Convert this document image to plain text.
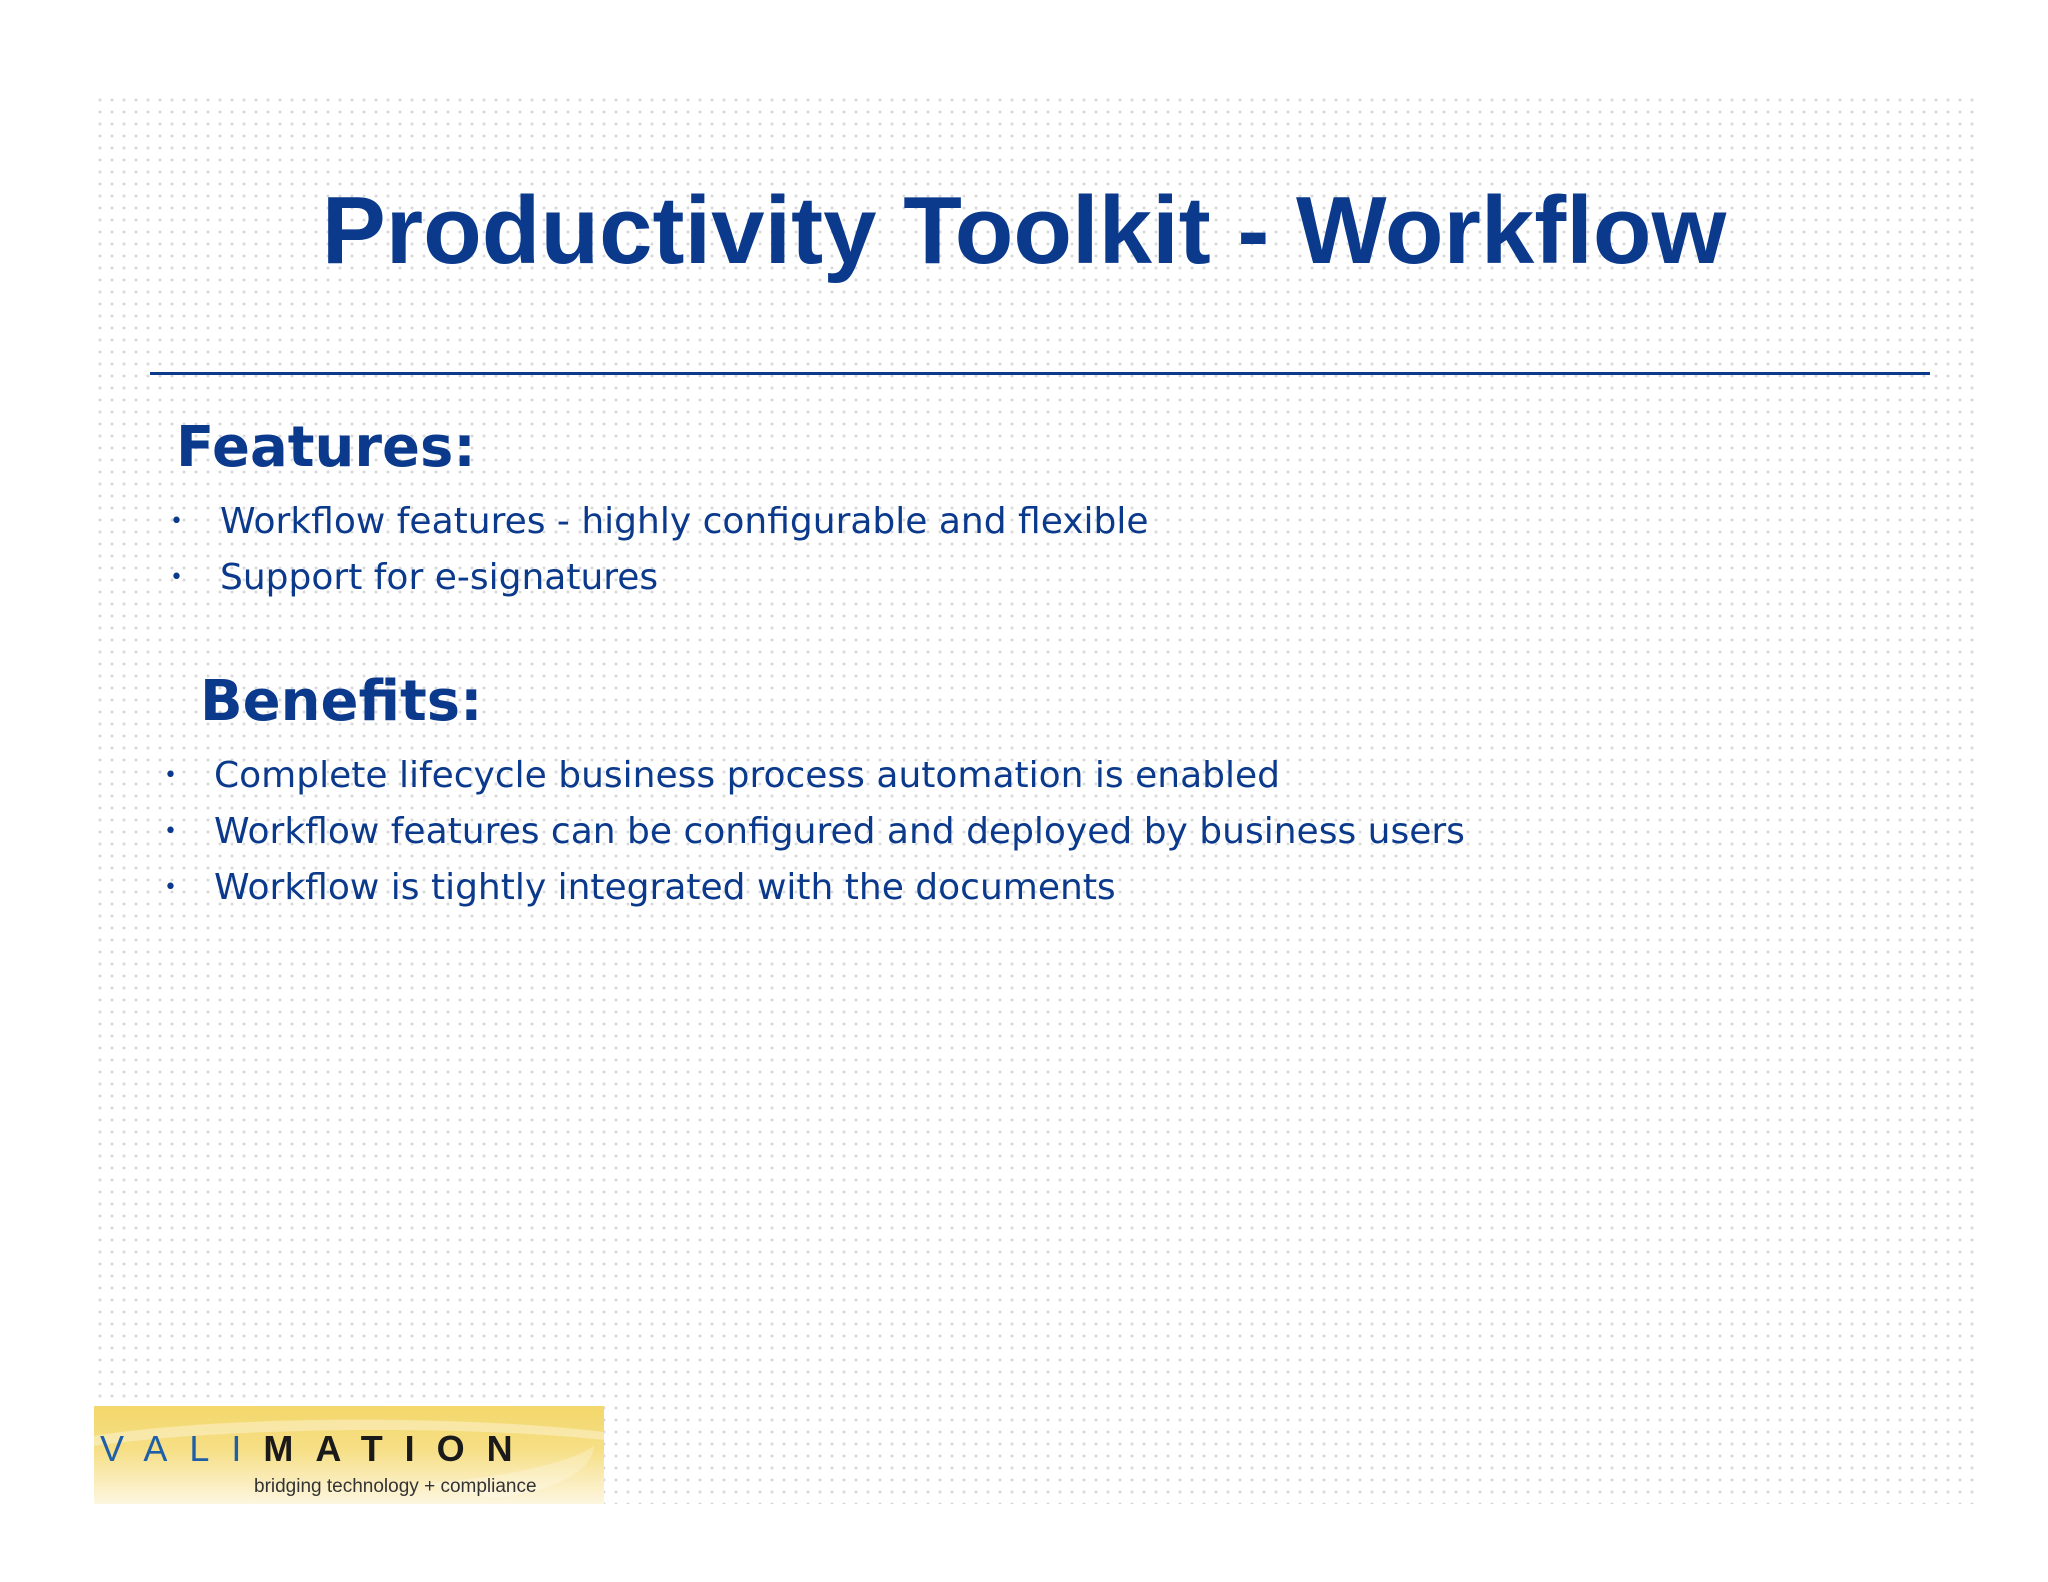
Productivity Toolkit - Workflow
Features:
• Workflow features - highly configurable and flexible
• Support for e-signatures
Benefits:
• Complete lifecycle business process automation is enabled
• Workflow features can be configured and deployed by business users
• Workflow is tightly integrated with the documents
VALIMATION
bridging technology + compliance
